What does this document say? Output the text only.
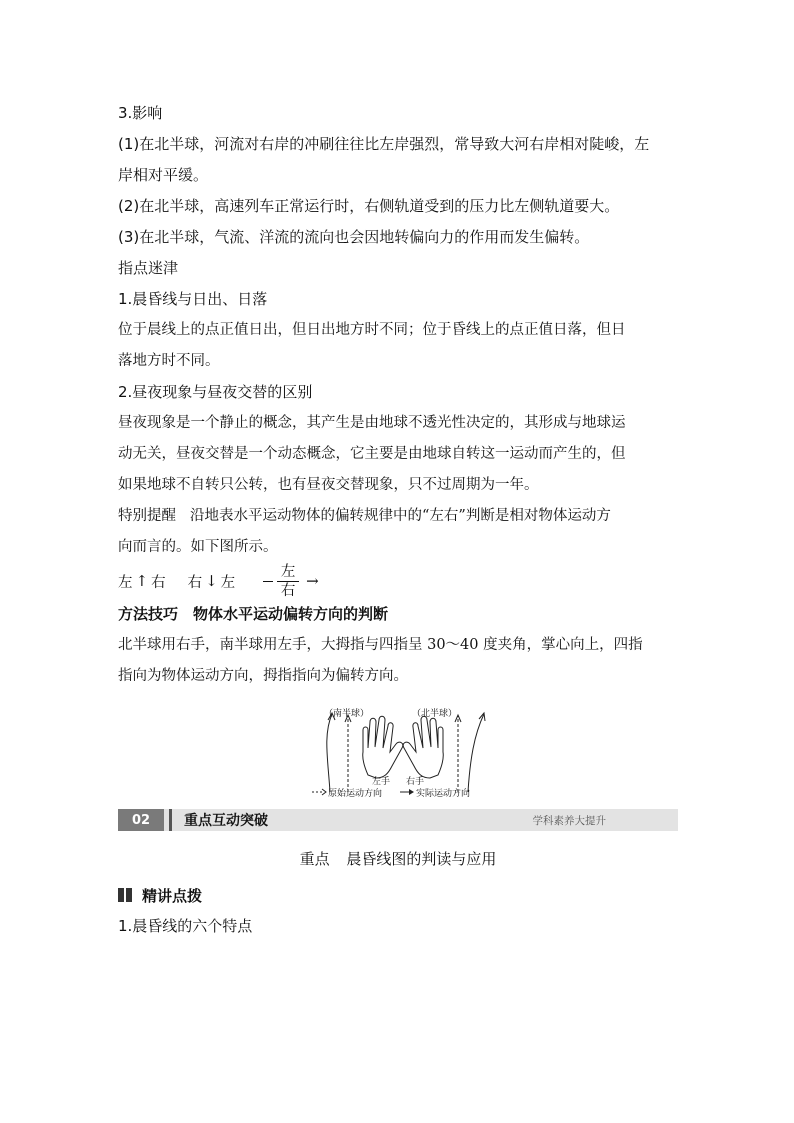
3.影响
(1)在北半球，河流对右岸的冲刷往往比左岸强烈，常导致大河右岸相对陡峻，左
岸相对平缓。
(2)在北半球，高速列车正常运行时，右侧轨道受到的压力比左侧轨道要大。
(3)在北半球，气流、洋流的流向也会因地转偏向力的作用而发生偏转。
指点迷津
1.晨昏线与日出、日落
位于晨线上的点正值日出，但日出地方时不同；位于昏线上的点正值日落，但日
落地方时不同。
2.昼夜现象与昼夜交替的区别
昼夜现象是一个静止的概念，其产生是由地球不透光性决定的，其形成与地球运
动无关，昼夜交替是一个动态概念，它主要是由地球自转这一运动而产生的，但
如果地球不自转只公转，也有昼夜交替现象，只不过周期为一年。
特别提醒 沿地表水平运动物体的偏转规律中的“左右”判断是相对物体运动方
向而言的。如下图所示。
左 ↑ 右 右 ↓ 左	$\frac{\text{左}}{\text{右}}$ →
方法技巧　物体水平运动偏转方向的判断
北半球用右手，南半球用左手，大拇指与四指呈 30～40 度夹角，掌心向上，四指
指向为物体运动方向，拇指指向为偏转方向。
（南半球）	（北半球）
左手 右手
原始运动方向	实际运动方向
02	重点互动突破	学科素养大提升
重点 晨昏线图的判读与应用
精讲点拨
1.晨昏线的六个特点
